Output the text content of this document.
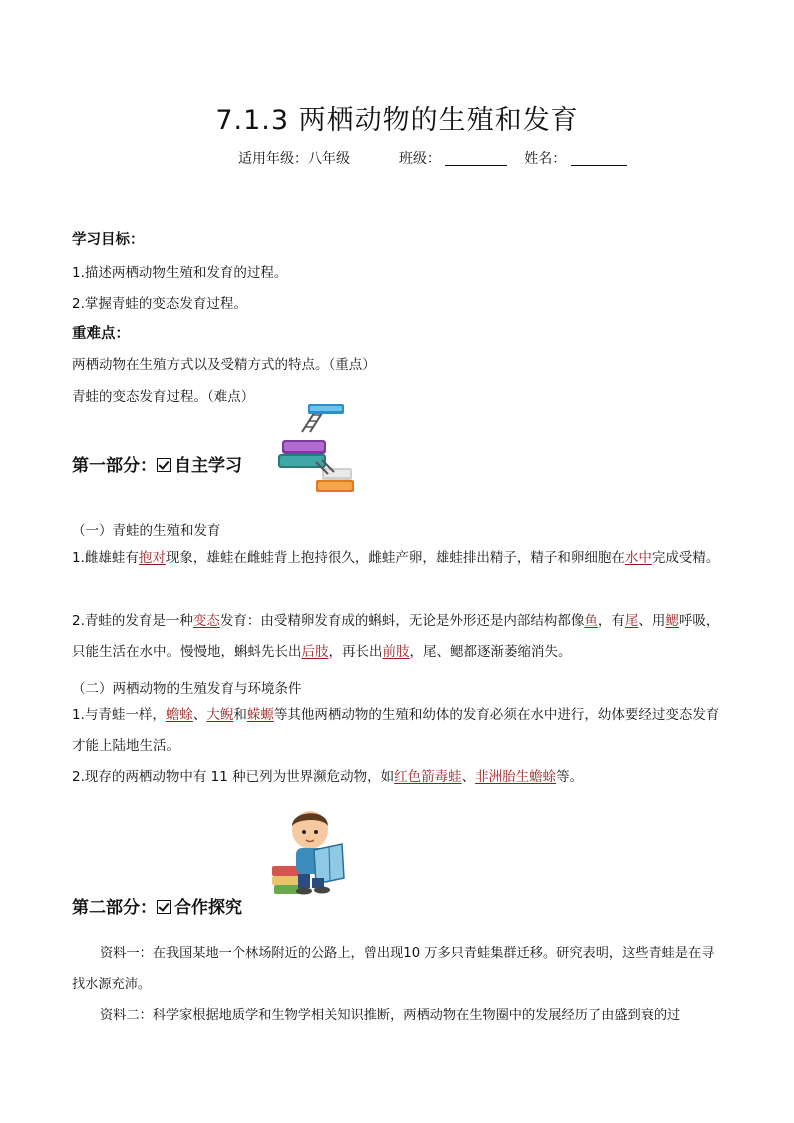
7.1.3 两栖动物的生殖和发育
适用年级：八年级	班级：	姓名：
学习目标：
1.描述两栖动物生殖和发育的过程。
2.掌握青蛙的变态发育过程。
重难点：
两栖动物在生殖方式以及受精方式的特点。（重点）
青蛙的变态发育过程。（难点）
第一部分： 自主学习
（一）青蛙的生殖和发育
1.雌雄蛙有抱对现象，雄蛙在雌蛙背上抱持很久，雌蛙产卵，雄蛙排出精子，精子和卵细胞在水中完成受精。
2.青蛙的发育是一种变态发育：由受精卵发育成的蝌蚪，无论是外形还是内部结构都像鱼，有尾、用鳃呼吸，只能生活在水中。慢慢地，蝌蚪先长出后肢，再长出前肢，尾、鳃都逐渐萎缩消失。
（二）两栖动物的生殖发育与环境条件
1.与青蛙一样，蟾蜍、大鲵和蝾螈等其他两栖动物的生殖和幼体的发育必须在水中进行，幼体要经过变态发育才能上陆地生活。
2.现存的两栖动物中有 11 种已列为世界濒危动物，如红色箭毒蛙、非洲胎生蟾蜍等。
第二部分： 合作探究
资料一：在我国某地一个林场附近的公路上，曾出现10 万多只青蛙集群迁移。研究表明，这些青蛙是在寻找水源充沛。
资料二：科学家根据地质学和生物学相关知识推断，两栖动物在生物圈中的发展经历了由盛到衰的过
